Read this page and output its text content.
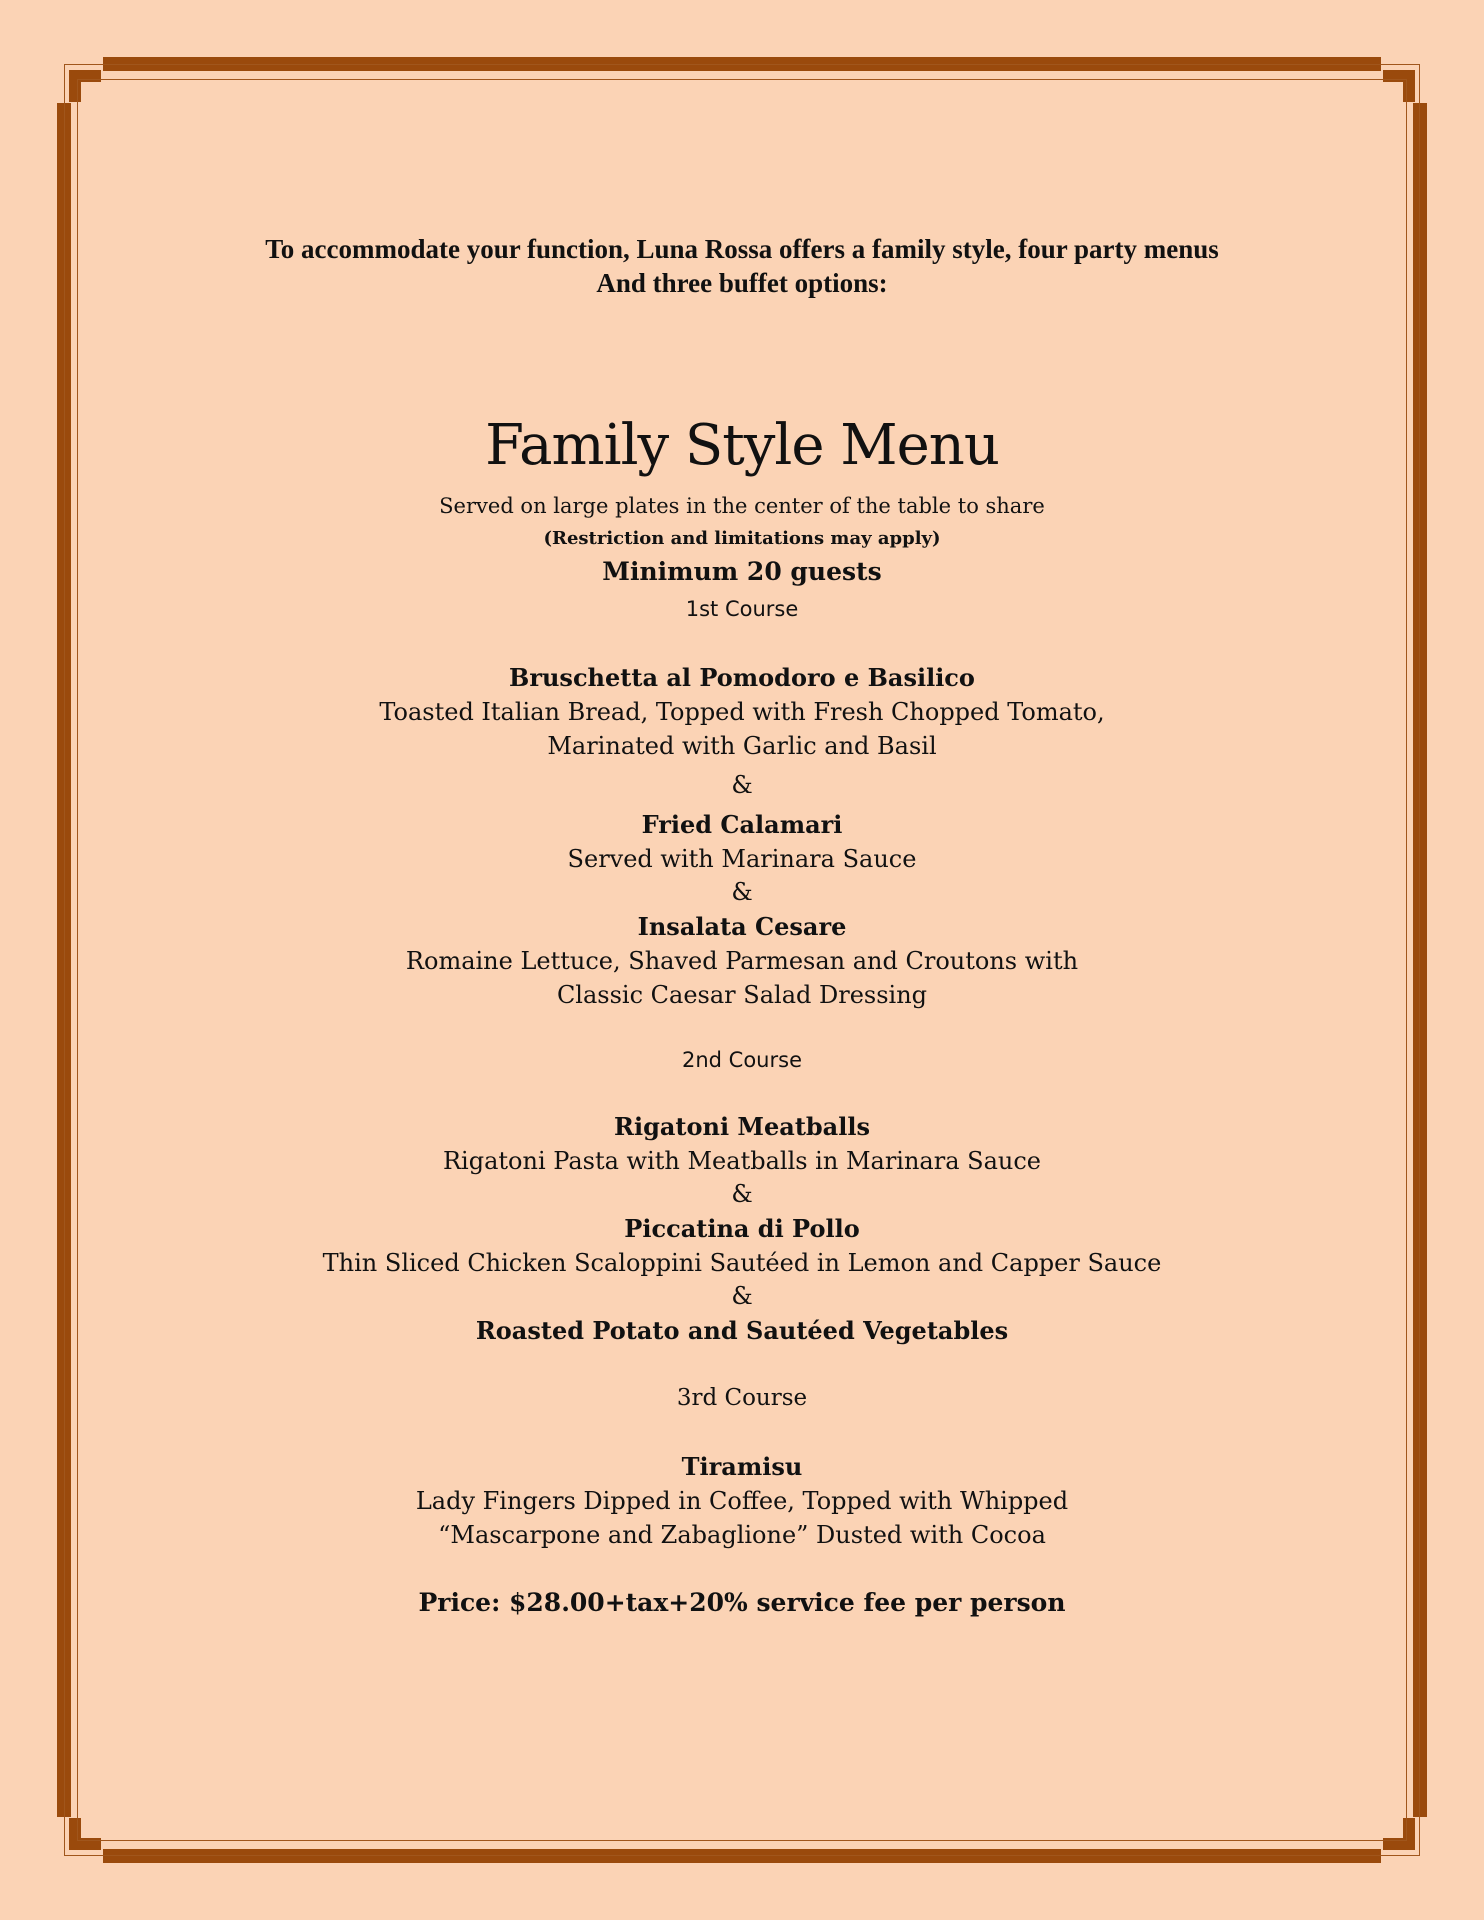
To accommodate your function, Luna Rossa offers a family style, four party menus
And three buffet options:
Family Style Menu
Served on large plates in the center of the table to share
(Restriction and limitations may apply)
Minimum 20 guests
1st Course
Bruschetta al Pomodoro e Basilico
Toasted Italian Bread, Topped with Fresh Chopped Tomato,
Marinated with Garlic and Basil
&
Fried Calamari
Served with Marinara Sauce
&
Insalata Cesare
Romaine Lettuce, Shaved Parmesan and Croutons with
Classic Caesar Salad Dressing
2nd Course
Rigatoni Meatballs
Rigatoni Pasta with Meatballs in Marinara Sauce
&
Piccatina di Pollo
Thin Sliced Chicken Scaloppini Sautéed in Lemon and Capper Sauce
&
Roasted Potato and Sautéed Vegetables
3rd Course
Tiramisu
Lady Fingers Dipped in Coffee, Topped with Whipped
“Mascarpone and Zabaglione” Dusted with Cocoa
Price: $28.00+tax+20% service fee per person
